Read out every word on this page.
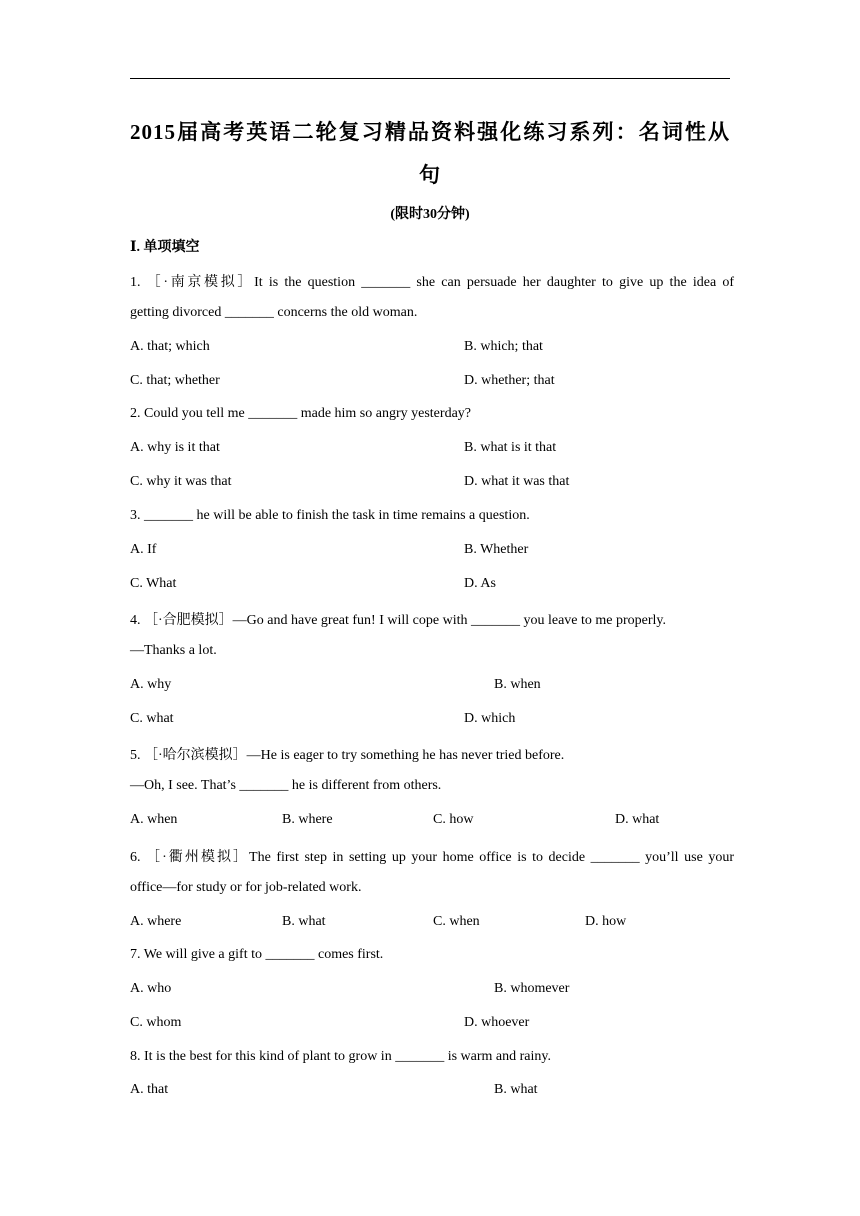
2015届高考英语二轮复习精品资料强化练习系列：名词性从
句
(限时30分钟)
Ⅰ. 单项填空
1. ［·南京模拟］It is the question _______ she can persuade her daughter to give up the idea of
getting divorced _______ concerns the old woman.
A. that; which	B. which; that
C. that; whether	D. whether; that
2. Could you tell me _______ made him so angry yesterday?
A. why is it that	B. what is it that
C. why it was that	D. what it was that
3. _______ he will be able to finish the task in time remains a question.
A. If	B. Whether
C. What	D. As
4. ［·合肥模拟］—Go and have great fun! I will cope with _______ you leave to me properly.
—Thanks a lot.
A. why	B. when
C. what	D. which
5. ［·哈尔滨模拟］—He is eager to try something he has never tried before.
—Oh, I see. That’s _______ he is different from others.
A. when	B. where	C. how	D. what
6. ［·衢州模拟］The first step in setting up your home office is to decide _______ you’ll use your
office—for study or for job-related work.
A. where	B. what	C. when	D. how
7. We will give a gift to _______ comes first.
A. who	B. whomever
C. whom	D. whoever
8. It is the best for this kind of plant to grow in _______ is warm and rainy.
A. that	B. what
